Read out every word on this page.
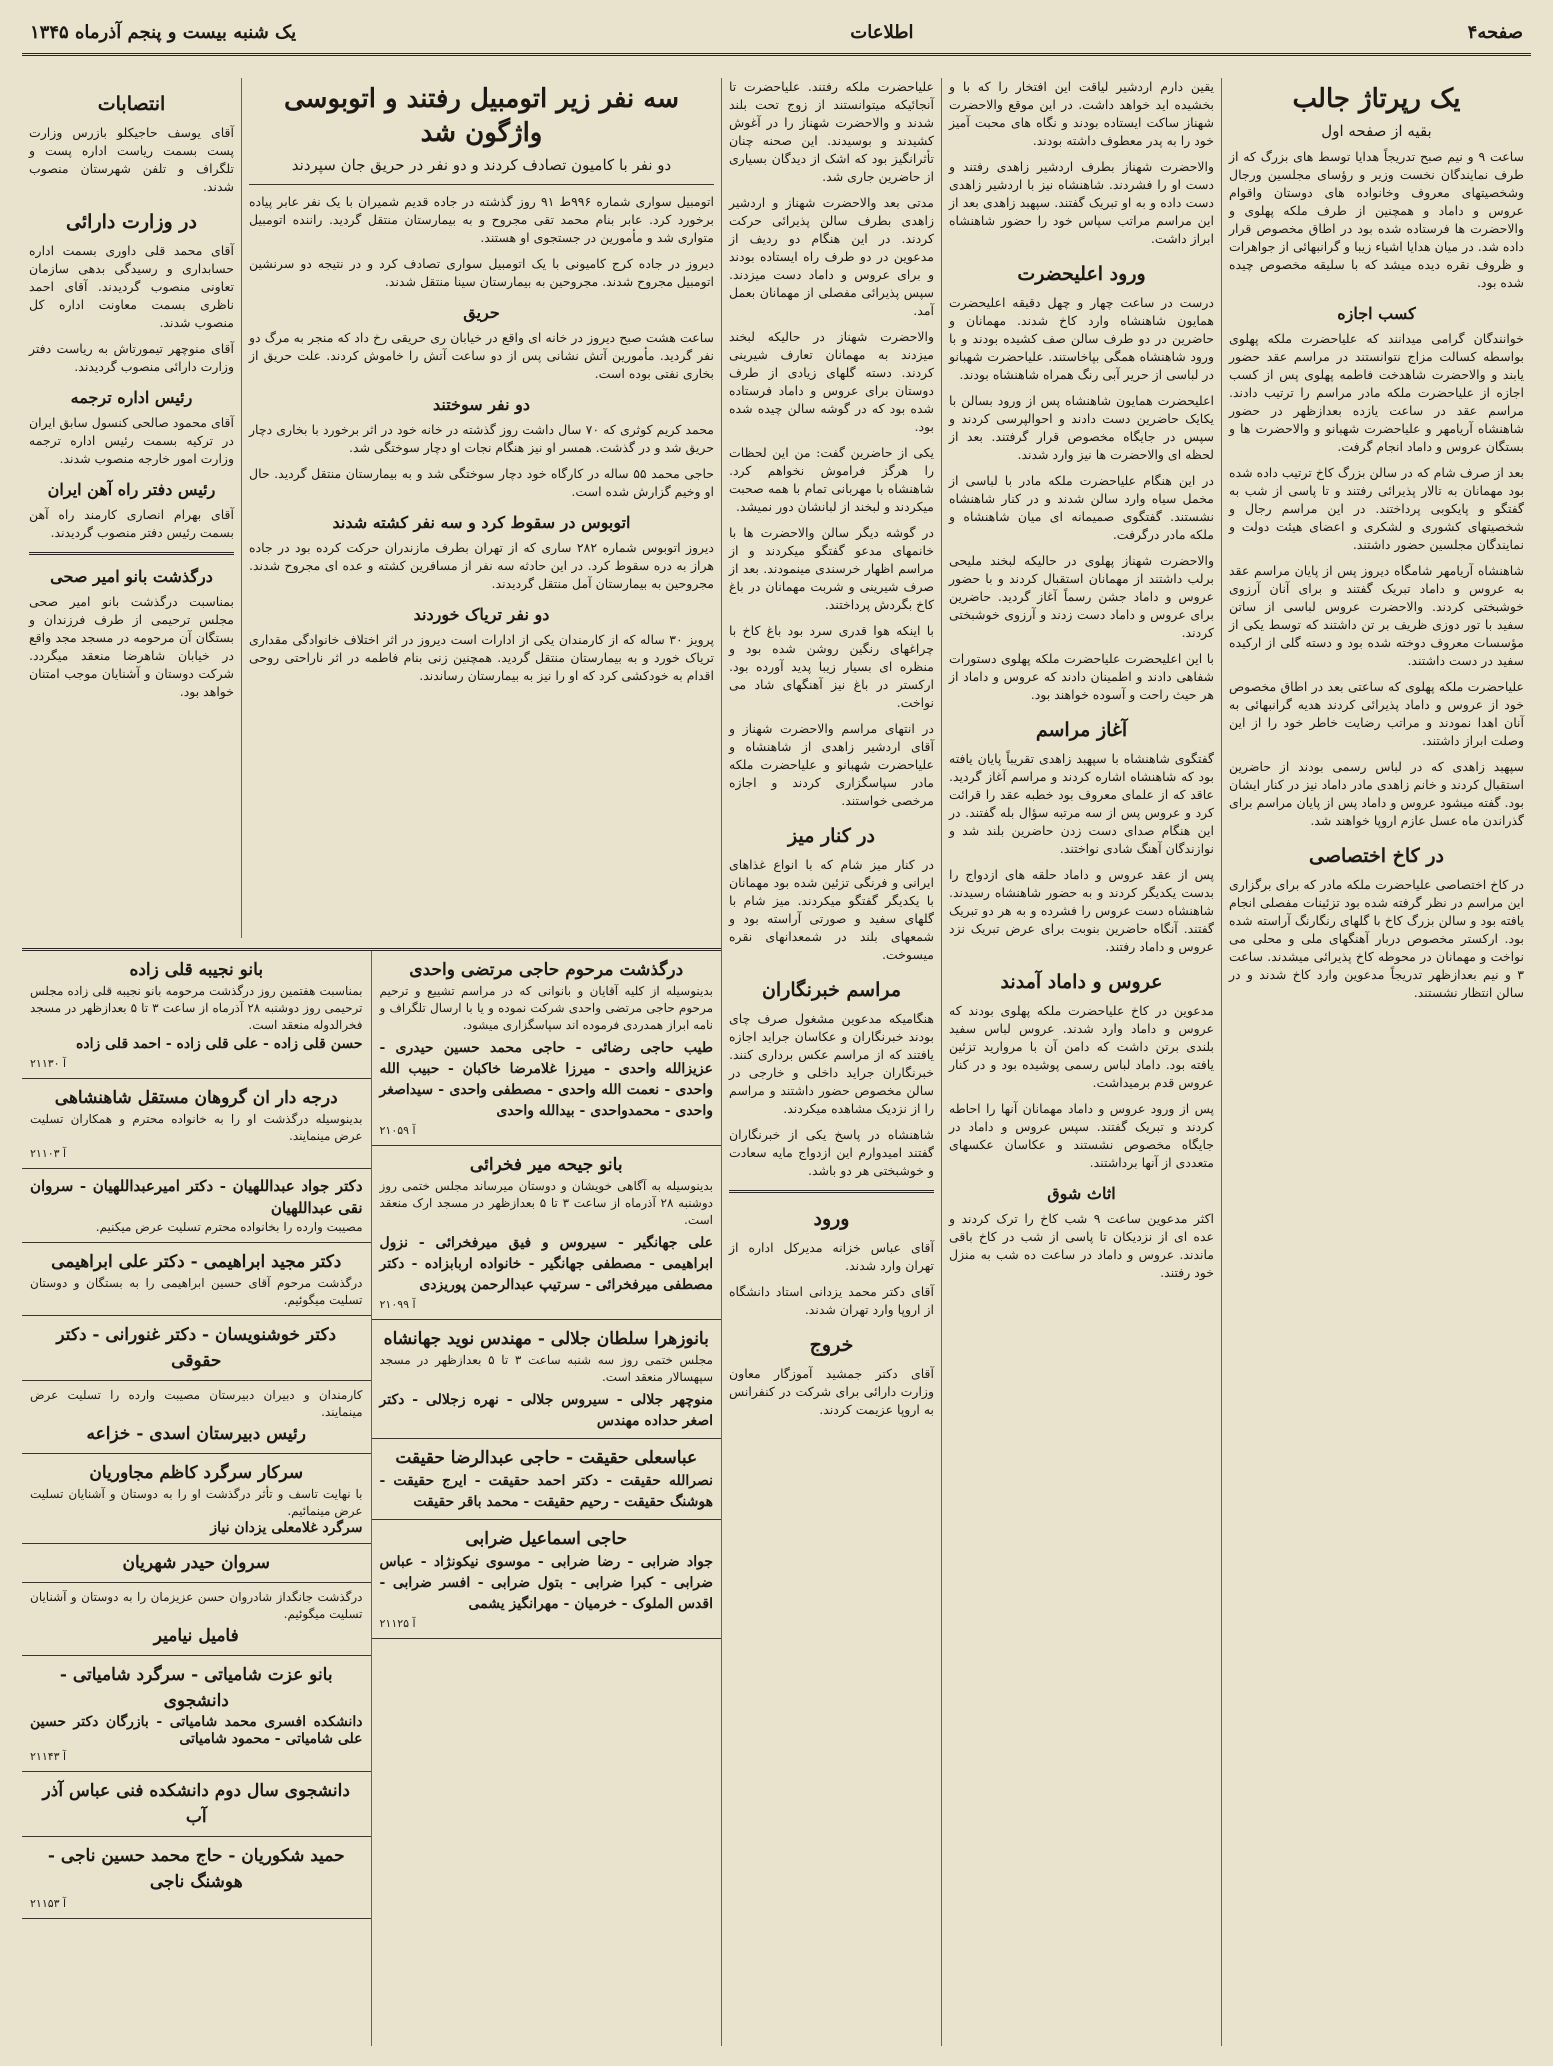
صفحه۴
اطلاعات
یک شنبه بیست و پنجم آذرماه ۱۳۴۵
یک رپرتاژ جالب
بقیه از صفحه اول

ساعت ۹ و نیم صبح تدریجاً هدایا توسط های بزرگ که از طرف نمایندگان نخست وزیر و رؤسای مجلسین ورجال وشخصیتهای معروف وخانواده های دوستان واقوام عروس و داماد و همچنین از طرف ملکه پهلوی و والاحضرت ها فرستاده شده بود در اطاق مخصوص قرار داده شد. در میان هدایا اشیاء زیبا و گرانبهائی از جواهرات و ظروف نقره دیده میشد که با سلیقه مخصوص چیده شده بود.

کسب اجازه

خوانندگان گرامی میدانند که علیاحضرت ملکه پهلوی بواسطه کسالت مزاج نتوانستند در مراسم عقد حضور یابند و والاحضرت شاهدخت فاطمه پهلوی پس از کسب اجازه از علیاحضرت ملکه مادر مراسم را ترتیب دادند. مراسم عقد در ساعت یازده بعدازظهر در حضور شاهنشاه آریامهر و علیاحضرت شهبانو و والاحضرت ها و بستگان عروس و داماد انجام گرفت.

بعد از صرف شام که در سالن بزرگ کاخ ترتیب داده شده بود مهمانان به تالار پذیرائی رفتند و تا پاسی از شب به گفتگو و پایکوبی پرداختند. در این مراسم رجال و شخصیتهای کشوری و لشکری و اعضای هیئت دولت و نمایندگان مجلسین حضور داشتند.

شاهنشاه آریامهر شامگاه دیروز پس از پایان مراسم عقد به عروس و داماد تبریک گفتند و برای آنان آرزوی خوشبختی کردند. والاحضرت عروس لباسی از ساتن سفید با تور دوزی ظریف بر تن داشتند که توسط یکی از مؤسسات معروف دوخته شده بود و دسته گلی از ارکیده سفید در دست داشتند.

علیاحضرت ملکه پهلوی که ساعتی بعد در اطاق مخصوص خود از عروس و داماد پذیرائی کردند هدیه گرانبهائی به آنان اهدا نمودند و مراتب رضایت خاطر خود را از این وصلت ابراز داشتند.

سپهبد زاهدی که در لباس رسمی بودند از حاضرین استقبال کردند و خانم زاهدی مادر داماد نیز در کنار ایشان بود. گفته میشود عروس و داماد پس از پایان مراسم برای گذراندن ماه عسل عازم اروپا خواهند شد.

در کاخ اختصاصی

در کاخ اختصاصی علیاحضرت ملکه مادر که برای برگزاری این مراسم در نظر گرفته شده بود تزئینات مفصلی انجام یافته بود و سالن بزرگ کاخ با گلهای رنگارنگ آراسته شده بود. ارکستر مخصوص دربار آهنگهای ملی و محلی می نواخت و مهمانان در محوطه کاخ پذیرائی میشدند. ساعت ۳ و نیم بعدازظهر تدریجاً مدعوین وارد کاخ شدند و در سالن انتظار نشستند.

یقین دارم اردشیر لیاقت این افتخار را که با و بخشیده اید خواهد داشت. در این موقع والاحضرت شهناز ساکت ایستاده بودند و نگاه های محبت آمیز خود را به پدر معطوف داشته بودند.

والاحضرت شهناز بطرف اردشیر زاهدی رفتند و دست او را فشردند. شاهنشاه نیز با اردشیر زاهدی دست داده و به او تبریک گفتند. سپهبد زاهدی بعد از این مراسم مراتب سپاس خود را حضور شاهنشاه ابراز داشت.

ورود اعلیحضرت

درست در ساعت چهار و چهل دقیقه اعلیحضرت همایون شاهنشاه وارد کاخ شدند. مهمانان و حاضرین در دو طرف سالن صف کشیده بودند و با ورود شاهنشاه همگی بپاخاستند. علیاحضرت شهبانو در لباسی از حریر آبی رنگ همراه شاهنشاه بودند.

اعلیحضرت همایون شاهنشاه پس از ورود بسالن با یکایک حاضرین دست دادند و احوالپرسی کردند و سپس در جایگاه مخصوص قرار گرفتند. بعد از لحظه ای والاحضرت ها نیز وارد شدند.

در این هنگام علیاحضرت ملکه مادر با لباسی از مخمل سیاه وارد سالن شدند و در کنار شاهنشاه نشستند. گفتگوی صمیمانه ای میان شاهنشاه و ملکه مادر درگرفت.

والاحضرت شهناز پهلوی در حالیکه لبخند ملیحی برلب داشتند از مهمانان استقبال کردند و با حضور عروس و داماد جشن رسماً آغاز گردید. حاضرین برای عروس و داماد دست زدند و آرزوی خوشبختی کردند.

با این اعلیحضرت علیاحضرت ملکه پهلوی دستورات شفاهی دادند و اطمینان دادند که عروس و داماد از هر حیث راحت و آسوده خواهند بود.

آغاز مراسم

گفتگوی شاهنشاه با سپهبد زاهدی تقریباً پایان یافته بود که شاهنشاه اشاره کردند و مراسم آغاز گردید. عاقد که از علمای معروف بود خطبه عقد را قرائت کرد و عروس پس از سه مرتبه سؤال بله گفتند. در این هنگام صدای دست زدن حاضرین بلند شد و نوازندگان آهنگ شادی نواختند.

پس از عقد عروس و داماد حلقه های ازدواج را بدست یکدیگر کردند و به حضور شاهنشاه رسیدند. شاهنشاه دست عروس را فشرده و به هر دو تبریک گفتند. آنگاه حاضرین بنوبت برای عرض تبریک نزد عروس و داماد رفتند.

عروس و داماد آمدند

مدعوین در کاخ علیاحضرت ملکه پهلوی بودند که عروس و داماد وارد شدند. عروس لباس سفید بلندی برتن داشت که دامن آن با مروارید تزئین یافته بود. داماد لباس رسمی پوشیده بود و در کنار عروس قدم برمیداشت.

پس از ورود عروس و داماد مهمانان آنها را احاطه کردند و تبریک گفتند. سپس عروس و داماد در جایگاه مخصوص نشستند و عکاسان عکسهای متعددی از آنها برداشتند.

اثاث شوق

اکثر مدعوین ساعت ۹ شب کاخ را ترک کردند و عده ای از نزدیکان تا پاسی از شب در کاخ باقی ماندند. عروس و داماد در ساعت ده شب به منزل خود رفتند.

علیاحضرت ملکه رفتند. علیاحضرت تا آنجائیکه میتوانستند از زوج تحت بلند شدند و والاحضرت شهناز را در آغوش کشیدند و بوسیدند. این صحنه چنان تأثرانگیز بود که اشک از دیدگان بسیاری از حاضرین جاری شد.

مدتی بعد والاحضرت شهناز و اردشیر زاهدی بطرف سالن پذیرائی حرکت کردند. در این هنگام دو ردیف از مدعوین در دو طرف راه ایستاده بودند و برای عروس و داماد دست میزدند. سپس پذیرائی مفصلی از مهمانان بعمل آمد.

والاحضرت شهناز در حالیکه لبخند میزدند به مهمانان تعارف شیرینی کردند. دسته گلهای زیادی از طرف دوستان برای عروس و داماد فرستاده شده بود که در گوشه سالن چیده شده بود.

یکی از حاضرین گفت: من این لحظات را هرگز فراموش نخواهم کرد. شاهنشاه با مهربانی تمام با همه صحبت میکردند و لبخند از لبانشان دور نمیشد.

در گوشه دیگر سالن والاحضرت ها با خانمهای مدعو گفتگو میکردند و از مراسم اظهار خرسندی مینمودند. بعد از صرف شیرینی و شربت مهمانان در باغ کاخ بگردش پرداختند.

با اینکه هوا قدری سرد بود باغ کاخ با چراغهای رنگین روشن شده بود و منظره ای بسیار زیبا پدید آورده بود. ارکستر در باغ نیز آهنگهای شاد می نواخت.

در انتهای مراسم والاحضرت شهناز و آقای اردشیر زاهدی از شاهنشاه و علیاحضرت شهبانو و علیاحضرت ملکه مادر سپاسگزاری کردند و اجازه مرخصی خواستند.

در کنار میز

در کنار میز شام که با انواع غذاهای ایرانی و فرنگی تزئین شده بود مهمانان با یکدیگر گفتگو میکردند. میز شام با گلهای سفید و صورتی آراسته بود و شمعهای بلند در شمعدانهای نقره میسوخت.

مراسم خبرنگاران

هنگامیکه مدعوین مشغول صرف چای بودند خبرنگاران و عکاسان جراید اجازه یافتند که از مراسم عکس برداری کنند. خبرنگاران جراید داخلی و خارجی در سالن مخصوص حضور داشتند و مراسم را از نزدیک مشاهده میکردند.

شاهنشاه در پاسخ یکی از خبرنگاران گفتند امیدوارم این ازدواج مایه سعادت و خوشبختی هر دو باشد.

ورود

آقای عباس خزانه مدیرکل اداره از تهران وارد شدند.

آقای دکتر محمد یزدانی استاد دانشگاه از اروپا وارد تهران شدند.

خروج

آقای دکتر جمشید آموزگار معاون وزارت دارائی برای شرکت در کنفرانس به اروپا عزیمت کردند.

سه نفر زیر اتومبیل رفتند و اتوبوسی واژگون شد
دو نفر با کامیون تصادف کردند و دو نفر در حریق جان سپردند

اتومبیل سواری شماره ۹۹۶ط ۹۱ روز گذشته در جاده قدیم شمیران با یک نفر عابر پیاده برخورد کرد. عابر بنام محمد تقی مجروح و به بیمارستان منتقل گردید. راننده اتومبیل متواری شد و مأمورین در جستجوی او هستند.

دیروز در جاده کرج کامیونی با یک اتومبیل سواری تصادف کرد و در نتیجه دو سرنشین اتومبیل مجروح شدند. مجروحین به بیمارستان سینا منتقل شدند.

حریق

ساعت هشت صبح دیروز در خانه ای واقع در خیابان ری حریقی رخ داد که منجر به مرگ دو نفر گردید. مأمورین آتش نشانی پس از دو ساعت آتش را خاموش کردند. علت حریق از بخاری نفتی بوده است.

دو نفر سوختند

محمد کریم کوثری که ۷۰ سال داشت روز گذشته در خانه خود در اثر برخورد با بخاری دچار حریق شد و در گذشت. همسر او نیز هنگام نجات او دچار سوختگی شد.

حاجی محمد ۵۵ ساله در کارگاه خود دچار سوختگی شد و به بیمارستان منتقل گردید. حال او وخیم گزارش شده است.

اتوبوس در سقوط کرد و سه نفر کشته شدند

دیروز اتوبوس شماره ۲۸۲ ساری که از تهران بطرف مازندران حرکت کرده بود در جاده هراز به دره سقوط کرد. در این حادثه سه نفر از مسافرین کشته و عده ای مجروح شدند. مجروحین به بیمارستان آمل منتقل گردیدند.

دو نفر تریاک خوردند

پرویز ۳۰ ساله که از کارمندان یکی از ادارات است دیروز در اثر اختلاف خانوادگی مقداری تریاک خورد و به بیمارستان منتقل گردید. همچنین زنی بنام فاطمه در اثر ناراحتی روحی اقدام به خودکشی کرد که او را نیز به بیمارستان رساندند.

انتصابات

آقای یوسف حاجیکلو بازرس وزارت پست بسمت ریاست اداره پست و تلگراف و تلفن شهرستان منصوب شدند.

در وزارت دارائی

آقای محمد قلی داوری بسمت اداره حسابداری و رسیدگی بدهی سازمان تعاونی منصوب گردیدند. آقای احمد ناظری بسمت معاونت اداره کل منصوب شدند.

آقای منوچهر تیمورتاش به ریاست دفتر وزارت دارائی منصوب گردیدند.

رئیس اداره ترجمه

آقای محمود صالحی کنسول سابق ایران در ترکیه بسمت رئیس اداره ترجمه وزارت امور خارجه منصوب شدند.

رئیس دفتر راه آهن ایران

آقای بهرام انصاری کارمند راه آهن بسمت رئیس دفتر منصوب گردیدند.

درگذشت بانو امیر صحی

بمناسبت درگذشت بانو امیر صحی مجلس ترحیمی از طرف فرزندان و بستگان آن مرحومه در مسجد مجد واقع در خیابان شاهرضا منعقد میگردد. شرکت دوستان و آشنایان موجب امتنان خواهد بود.

درگذشت مرحوم حاجی مرتضی واحدی
بدینوسیله از کلیه آقایان و بانوانی که در مراسم تشییع و ترحیم مرحوم حاجی مرتضی واحدی شرکت نموده و یا با ارسال تلگراف و نامه ابراز همدردی فرموده اند سپاسگزاری میشود.
طیب حاجی رضائی - حاجی محمد حسین حیدری - عزیزالله واحدی - میرزا غلامرضا خاکبان - حبیب الله واحدی - نعمت الله واحدی - مصطفی واحدی - سیداصغر واحدی - محمدواحدی - بیدالله واحدی
۲۱۰۵۹ آ
بانو جیحه میر فخرائی
بدینوسیله به آگاهی خویشان و دوستان میرساند مجلس ختمی روز دوشنبه ۲۸ آذرماه از ساعت ۳ تا ۵ بعدازظهر در مسجد ارک منعقد است.
علی جهانگیر - سیروس و فیق میرفخرائی - نزول ابراهیمی - مصطفی جهانگیر - خانواده اربابزاده - دکتر مصطفی میرفخرائی - سرتیپ عبدالرحمن پوریزدی
۲۱۰۹۹ آ
بانوزهرا سلطان جلالی - مهندس نوید جهانشاه
مجلس ختمی روز سه شنبه ساعت ۳ تا ۵ بعدازظهر در مسجد سپهسالار منعقد است.
منوچهر جلالی - سیروس جلالی - نهره زجلالی - دکتر اصغر حداده مهندس
عباسعلی حقیقت - حاجی عبدالرضا حقیقت
نصرالله حقیقت - دکتر احمد حقیقت - ایرج حقیقت - هوشنگ حقیقت - رحیم حقیقت - محمد باقر حقیقت
حاجی اسماعیل ضرابی
جواد ضرابی - رضا ضرابی - موسوی نیکونژاد - عباس ضرابی - کبرا ضرابی - بتول ضرابی - افسر ضرابی - اقدس الملوک - خرمیان - مهرانگیز یشمی
۲۱۱۲۵ آ
بانو نجیبه قلی زاده
بمناسبت هفتمین روز درگذشت مرحومه بانو نجیبه قلی زاده مجلس ترحیمی روز دوشنبه ۲۸ آذرماه از ساعت ۳ تا ۵ بعدازظهر در مسجد فخرالدوله منعقد است.
حسن قلی زاده - علی قلی زاده - احمد قلی زاده
۲۱۱۳۰ آ
درجه دار ان گروهان مستقل شاهنشاهی
بدینوسیله درگذشت او را به خانواده محترم و همکاران تسلیت عرض مینمایند.
۲۱۱۰۳ آ
دکتر جواد عبداللهیان - دکتر امیرعبداللهیان - سروان نقی عبداللهیان
مصیبت وارده را بخانواده محترم تسلیت عرض میکنیم.
دکتر مجید ابراهیمی - دکتر علی ابراهیمی
درگذشت مرحوم آقای حسین ابراهیمی را به بستگان و دوستان تسلیت میگوئیم.
دکتر خوشنویسان - دکتر غنورانی - دکتر حقوقی
کارمندان و دبیران دبیرستان مصیبت وارده را تسلیت عرض مینمایند.
رئیس دبیرستان اسدی - خزاعه
سرکار سرگرد کاظم مجاوریان
با نهایت تاسف و تأثر درگذشت او را به دوستان و آشنایان تسلیت عرض مینمائیم.
سرگرد غلامعلی یزدان نیاز
سروان حیدر شهریان
درگذشت جانگداز شادروان حسن عزیزمان را به دوستان و آشنایان تسلیت میگوئیم.
فامیل نیامیر
بانو عزت شامیاتی - سرگرد شامیاتی - دانشجوی
دانشکده افسری محمد شامیاتی - بازرگان دکتر حسین علی شامیاتی - محمود شامیاتی
۲۱۱۴۳ آ
دانشجوی سال دوم دانشکده فنی عباس آذر آب
حمید شکوریان - حاج محمد حسین ناجی - هوشنگ ناجی
۲۱۱۵۳ آ
